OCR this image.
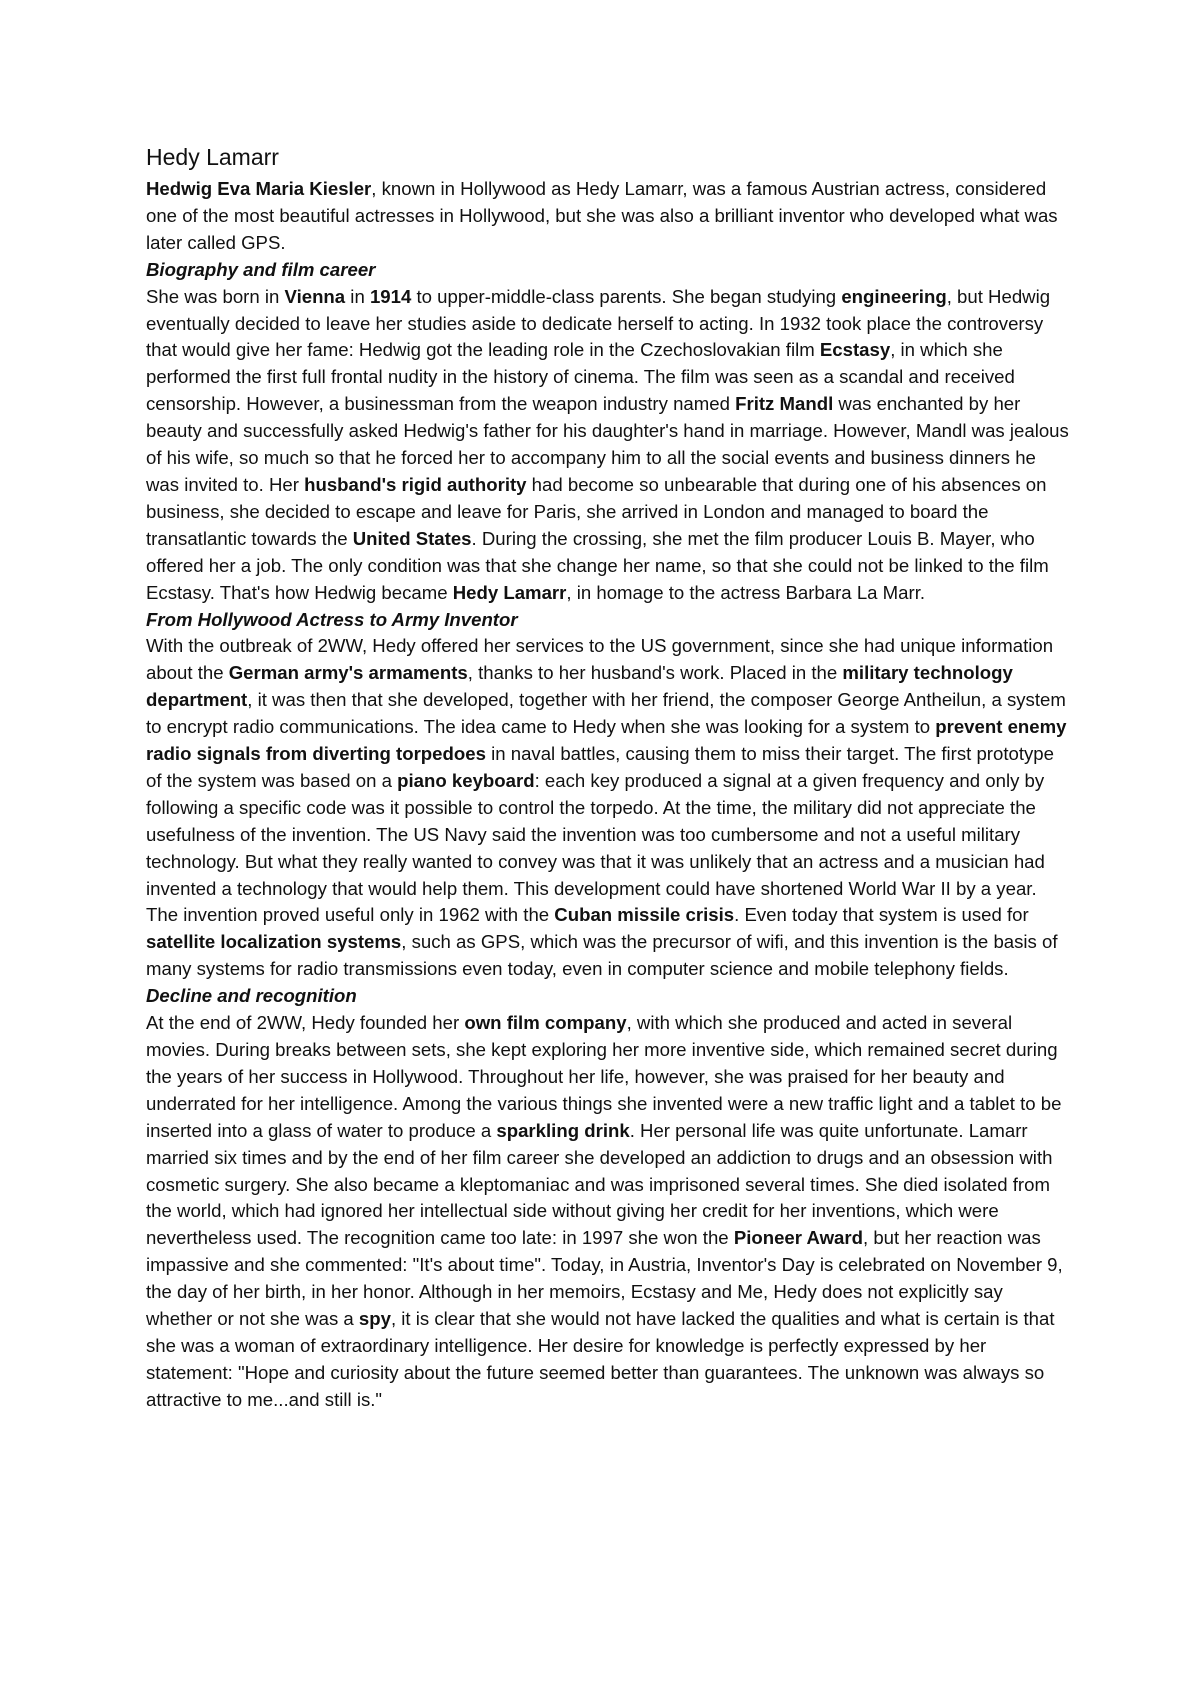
Hedy Lamarr

Hedwig Eva Maria Kiesler, known in Hollywood as Hedy Lamarr, was a famous Austrian actress, considered one of the most beautiful actresses in Hollywood, but she was also a brilliant inventor who developed what was later called GPS.

Biography and film career

She was born in Vienna in 1914 to upper-middle-class parents. She began studying engineering, but Hedwig eventually decided to leave her studies aside to dedicate herself to acting. In 1932 took place the controversy that would give her fame: Hedwig got the leading role in the Czechoslovakian film Ecstasy, in which she performed the first full frontal nudity in the history of cinema. The film was seen as a scandal and received censorship. However, a businessman from the weapon industry named Fritz Mandl was enchanted by her beauty and successfully asked Hedwig's father for his daughter's hand in marriage. However, Mandl was jealous of his wife, so much so that he forced her to accompany him to all the social events and business dinners he was invited to. Her husband's rigid authority had become so unbearable that during one of his absences on business, she decided to escape and leave for Paris, she arrived in London and managed to board the transatlantic towards the United States. During the crossing, she met the film producer Louis B. Mayer, who offered her a job. The only condition was that she change her name, so that she could not be linked to the film Ecstasy. That's how Hedwig became Hedy Lamarr, in homage to the actress Barbara La Marr.

From Hollywood Actress to Army Inventor

With the outbreak of 2WW, Hedy offered her services to the US government, since she had unique information about the German army's armaments, thanks to her husband's work. Placed in the military technology department, it was then that she developed, together with her friend, the composer George Antheilun, a system to encrypt radio communications. The idea came to Hedy when she was looking for a system to prevent enemy radio signals from diverting torpedoes in naval battles, causing them to miss their target. The first prototype of the system was based on a piano keyboard: each key produced a signal at a given frequency and only by following a specific code was it possible to control the torpedo. At the time, the military did not appreciate the usefulness of the invention. The US Navy said the invention was too cumbersome and not a useful military technology. But what they really wanted to convey was that it was unlikely that an actress and a musician had invented a technology that would help them. This development could have shortened World War II by a year. The invention proved useful only in 1962 with the Cuban missile crisis. Even today that system is used for satellite localization systems, such as GPS, which was the precursor of wifi, and this invention is the basis of many systems for radio transmissions even today, even in computer science and mobile telephony fields.

Decline and recognition

At the end of 2WW, Hedy founded her own film company, with which she produced and acted in several movies. During breaks between sets, she kept exploring her more inventive side, which remained secret during the years of her success in Hollywood. Throughout her life, however, she was praised for her beauty and underrated for her intelligence. Among the various things she invented were a new traffic light and a tablet to be inserted into a glass of water to produce a sparkling drink. Her personal life was quite unfortunate. Lamarr married six times and by the end of her film career she developed an addiction to drugs and an obsession with cosmetic surgery. She also became a kleptomaniac and was imprisoned several times. She died isolated from the world, which had ignored her intellectual side without giving her credit for her inventions, which were nevertheless used. The recognition came too late: in 1997 she won the Pioneer Award, but her reaction was impassive and she commented: "It's about time". Today, in Austria, Inventor's Day is celebrated on November 9, the day of her birth, in her honor. Although in her memoirs, Ecstasy and Me, Hedy does not explicitly say whether or not she was a spy, it is clear that she would not have lacked the qualities and what is certain is that she was a woman of extraordinary intelligence. Her desire for knowledge is perfectly expressed by her statement: "Hope and curiosity about the future seemed better than guarantees. The unknown was always so attractive to me...and still is."
